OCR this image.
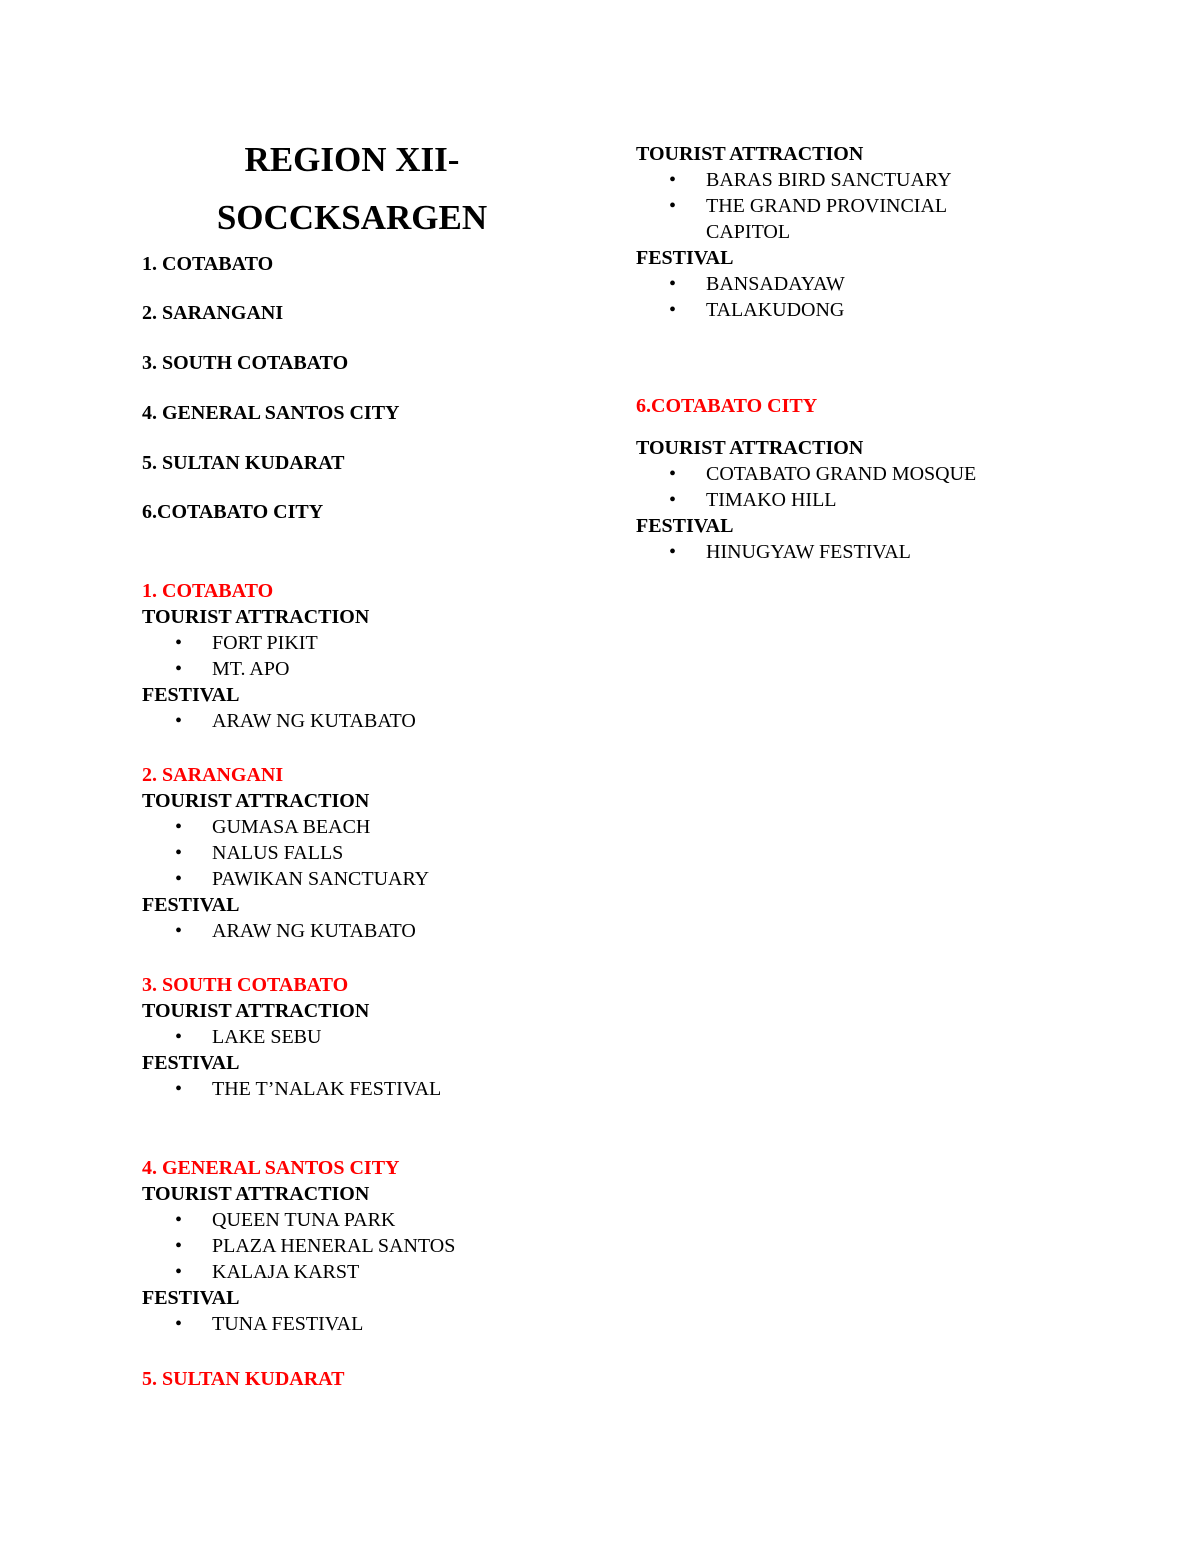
REGION XII-
SOCCKSARGEN
1. COTABATO
2. SARANGANI
3. SOUTH COTABATO
4. GENERAL SANTOS CITY
5. SULTAN KUDARAT
6.COTABATO CITY
1. COTABATO
TOURIST ATTRACTION
• FORT PIKIT
• MT. APO
FESTIVAL
• ARAW NG KUTABATO
2. SARANGANI
TOURIST ATTRACTION
• GUMASA BEACH
• NALUS FALLS
• PAWIKAN SANCTUARY
FESTIVAL
• ARAW NG KUTABATO
3. SOUTH COTABATO
TOURIST ATTRACTION
• LAKE SEBU
FESTIVAL
• THE T’NALAK FESTIVAL
4. GENERAL SANTOS CITY
TOURIST ATTRACTION
• QUEEN TUNA PARK
• PLAZA HENERAL SANTOS
• KALAJA KARST
FESTIVAL
• TUNA FESTIVAL
5. SULTAN KUDARAT
TOURIST ATTRACTION
• BARAS BIRD SANCTUARY
• THE GRAND PROVINCIAL CAPITOL
FESTIVAL
• BANSADAYAW
• TALAKUDONG
6.COTABATO CITY
TOURIST ATTRACTION
• COTABATO GRAND MOSQUE
• TIMAKO HILL
FESTIVAL
• HINUGYAW FESTIVAL
